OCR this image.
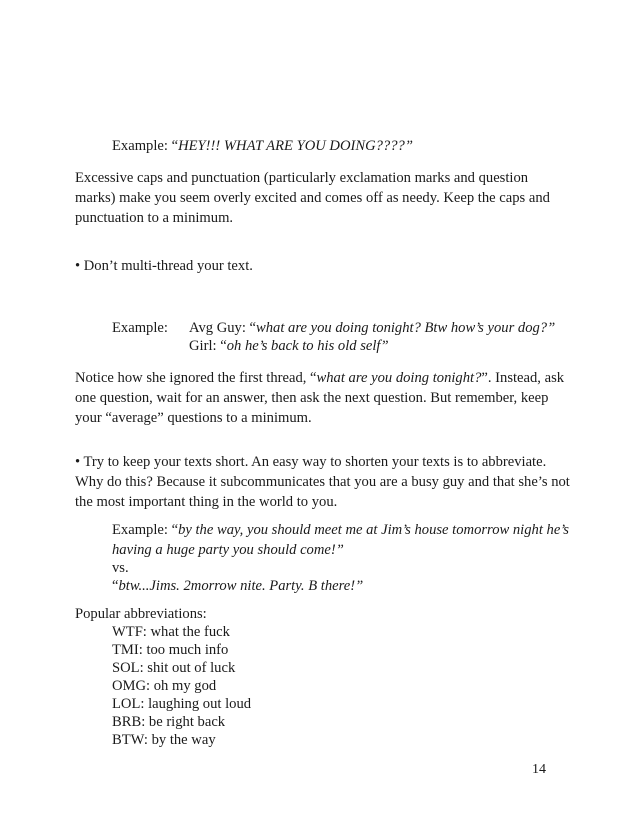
Example: “HEY!!! WHAT ARE YOU DOING????”
Excessive caps and punctuation (particularly exclamation marks and question
marks) make you seem overly excited and comes off as needy. Keep the caps and
punctuation to a minimum.
• Don’t multi-thread your text.
Example: Avg Guy: “what are you doing tonight? Btw how’s your dog?”
Girl: “oh he’s back to his old self”
Notice how she ignored the first thread, “what are you doing tonight?”. Instead, ask
one question, wait for an answer, then ask the next question. But remember, keep
your “average” questions to a minimum.
• Try to keep your texts short. An easy way to shorten your texts is to abbreviate.
Why do this? Because it subcommunicates that you are a busy guy and that she’s not
the most important thing in the world to you.
Example: “by the way, you should meet me at Jim’s house tomorrow night he’s
having a huge party you should come!”
vs.
“btw...Jims. 2morrow nite. Party. B there!”
Popular abbreviations:
WTF: what the fuck
TMI: too much info
SOL: shit out of luck
OMG: oh my god
LOL: laughing out loud
BRB: be right back
BTW: by the way
14
